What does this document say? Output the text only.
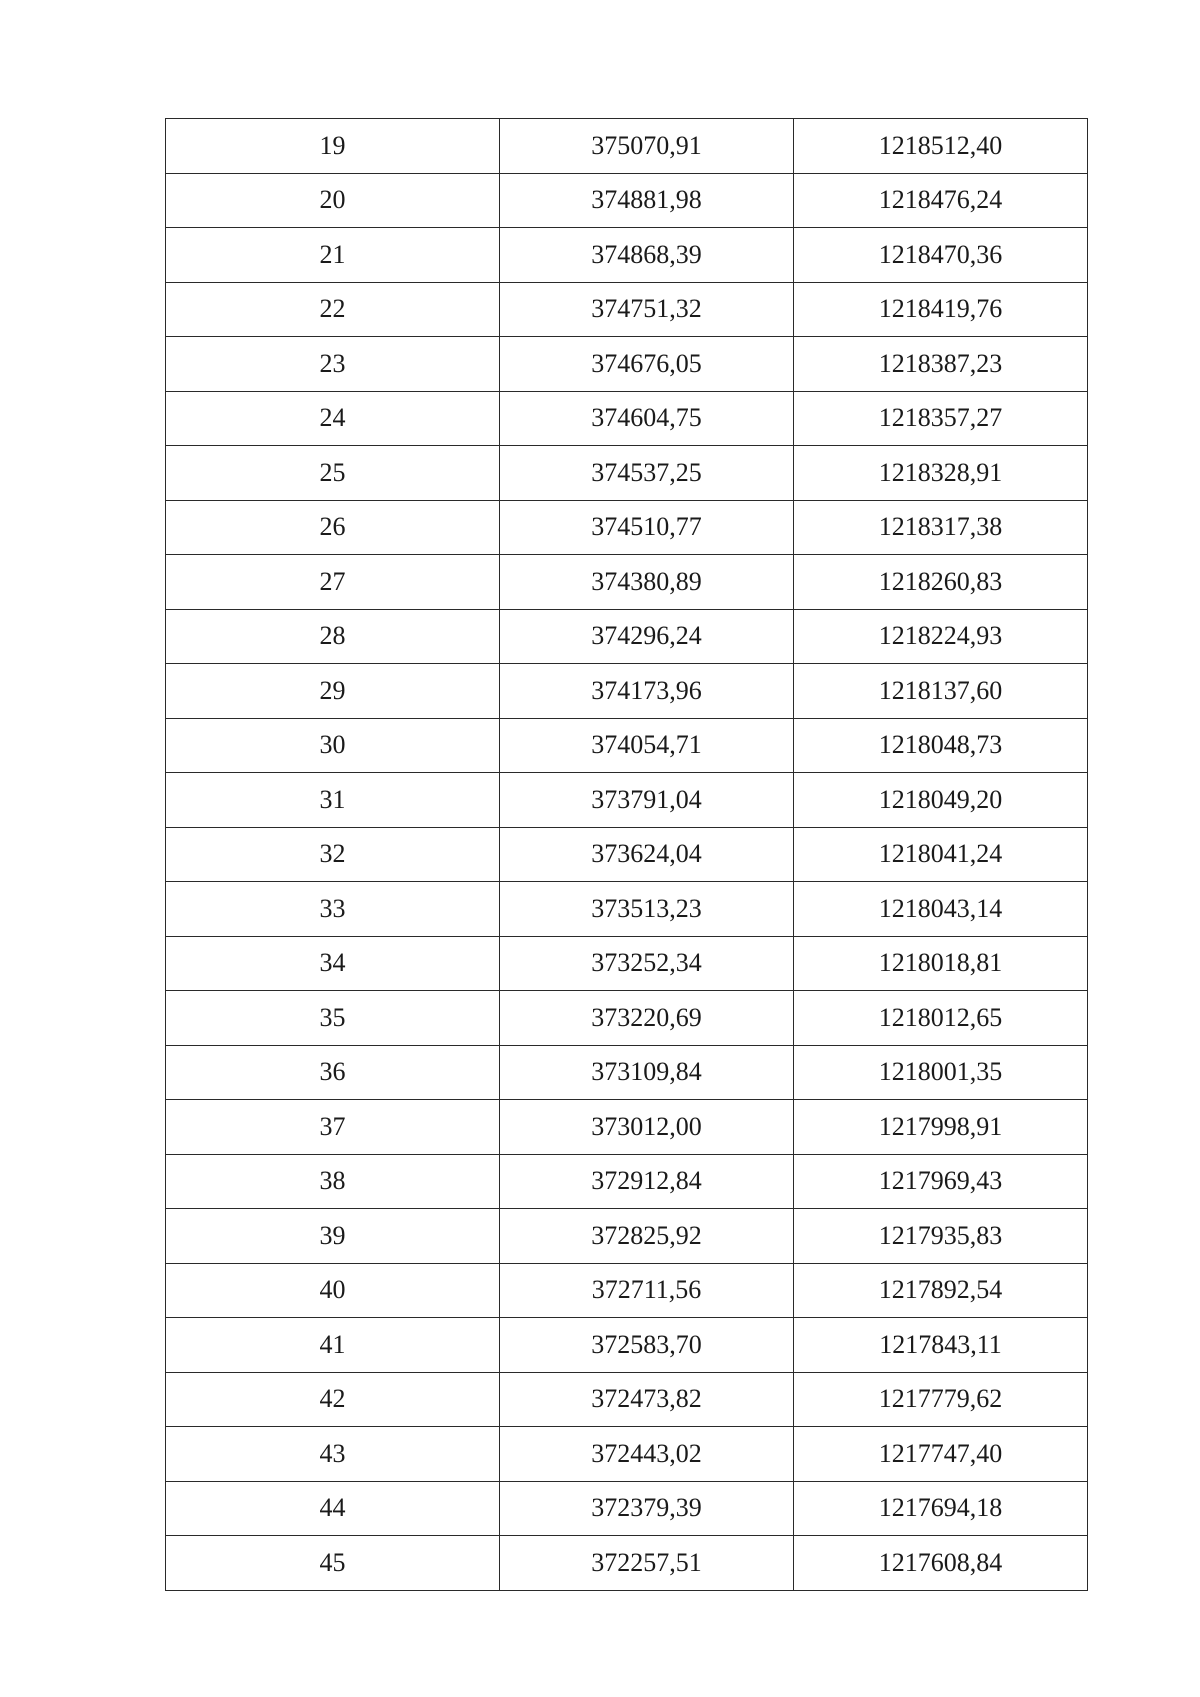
19	375070,91	1218512,40
20	374881,98	1218476,24
21	374868,39	1218470,36
22	374751,32	1218419,76
23	374676,05	1218387,23
24	374604,75	1218357,27
25	374537,25	1218328,91
26	374510,77	1218317,38
27	374380,89	1218260,83
28	374296,24	1218224,93
29	374173,96	1218137,60
30	374054,71	1218048,73
31	373791,04	1218049,20
32	373624,04	1218041,24
33	373513,23	1218043,14
34	373252,34	1218018,81
35	373220,69	1218012,65
36	373109,84	1218001,35
37	373012,00	1217998,91
38	372912,84	1217969,43
39	372825,92	1217935,83
40	372711,56	1217892,54
41	372583,70	1217843,11
42	372473,82	1217779,62
43	372443,02	1217747,40
44	372379,39	1217694,18
45	372257,51	1217608,84
